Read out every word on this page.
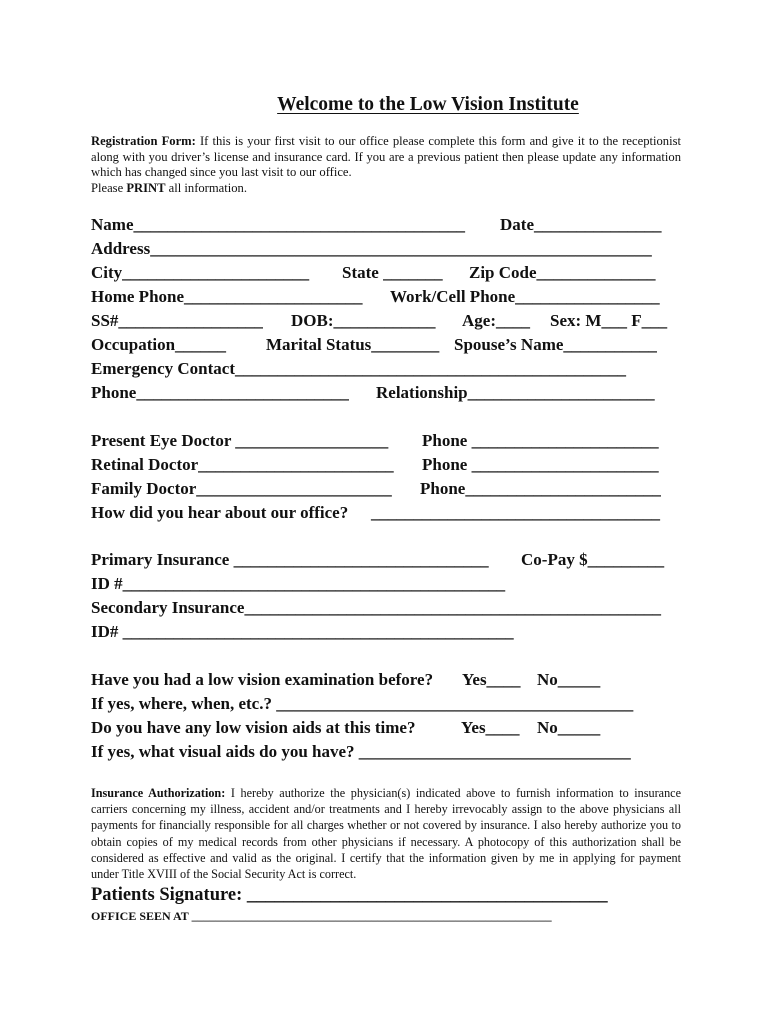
Welcome to the Low Vision Institute
Registration Form: If this is your first visit to our office please complete this form and give it to the receptionist along with you driver’s license and insurance card. If you are a previous patient then please update any information which has changed since you last visit to our office.
Please PRINT all information.
Name_______________________________________ Date_______________
Address___________________________________________________________
City______________________ State _______ Zip Code______________
Home Phone_____________________ Work/Cell Phone_________________
SS#_________________ DOB:____________ Age:____ Sex: M___ F___
Occupation______ Marital Status________ Spouse’s Name___________
Emergency Contact______________________________________________
Phone_________________________ Relationship______________________
Present Eye Doctor __________________ Phone ______________________
Retinal Doctor_______________________ Phone ______________________
Family Doctor_______________________ Phone_______________________
How did you hear about our office? __________________________________
Primary Insurance ______________________________ Co-Pay $_________
ID #_____________________________________________
Secondary Insurance_________________________________________________
ID# ______________________________________________
Have you had a low vision examination before? Yes____ No_____
If yes, where, when, etc.? __________________________________________
Do you have any low vision aids at this time?	Yes____ No_____
If yes, what visual aids do you have? ________________________________
Insurance Authorization: I hereby authorize the physician(s) indicated above to furnish information to insurance carriers concerning my illness, accident and/or treatments and I hereby irrevocably assign to the above physicians all payments for financially responsible for all charges whether or not covered by insurance. I also hereby authorize you to obtain copies of my medical records from other physicians if necessary. A photocopy of this authorization shall be considered as effective and valid as the original. I certify that the information given by me in applying for payment under Title XVIII of the Social Security Act is correct.
Patients Signature: _______________________________________
OFFICE SEEN AT ____________________________________________________________
